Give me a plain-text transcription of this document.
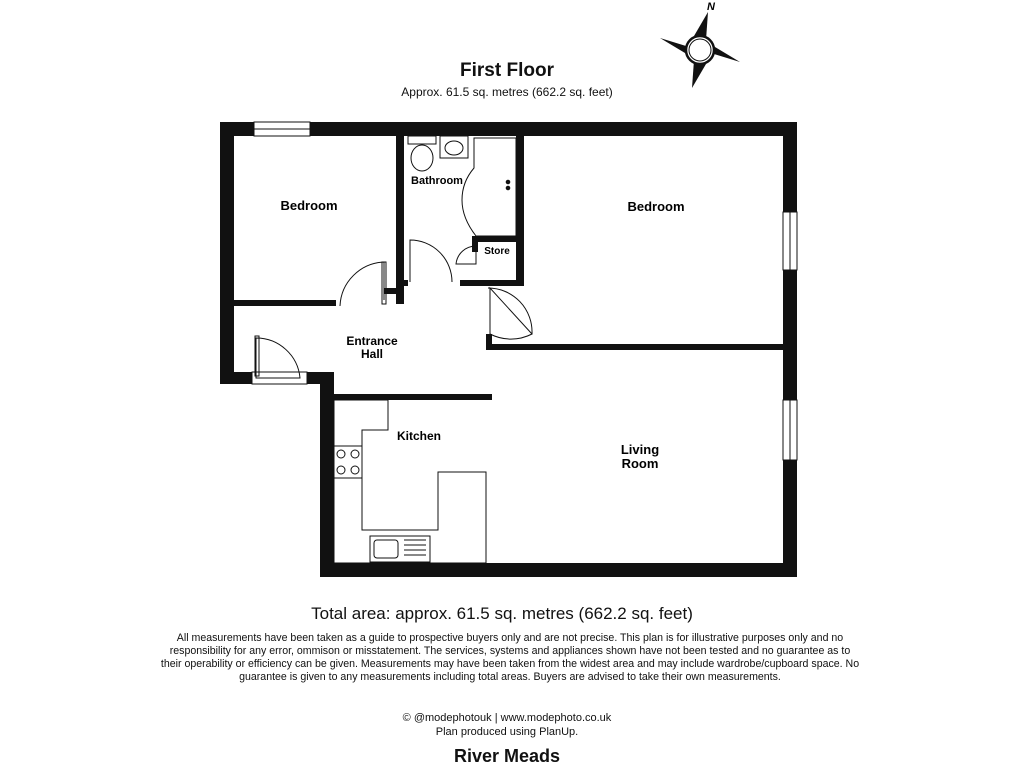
First Floor
Approx. 61.5 sq. metres (662.2 sq. feet)
N
Bedroom
Bathroom
Bedroom
Store
Entrance
Hall
Kitchen
Living
Room
Total area: approx. 61.5 sq. metres (662.2 sq. feet)
All measurements have been taken as a guide to prospective buyers only and are not precise. This plan is for illustrative purposes only and no responsibility for any error, ommison or misstatement. The services, systems and appliances shown have not been tested and no guarantee as to their operability or efficiency can be given. Measurements may have been taken from the widest area and may include wardrobe/cupboard space. No guarantee is given to any measurements including total areas. Buyers are advised to take their own measurements.
© @modephotouk | www.modephoto.co.uk
Plan produced using PlanUp.
River Meads
